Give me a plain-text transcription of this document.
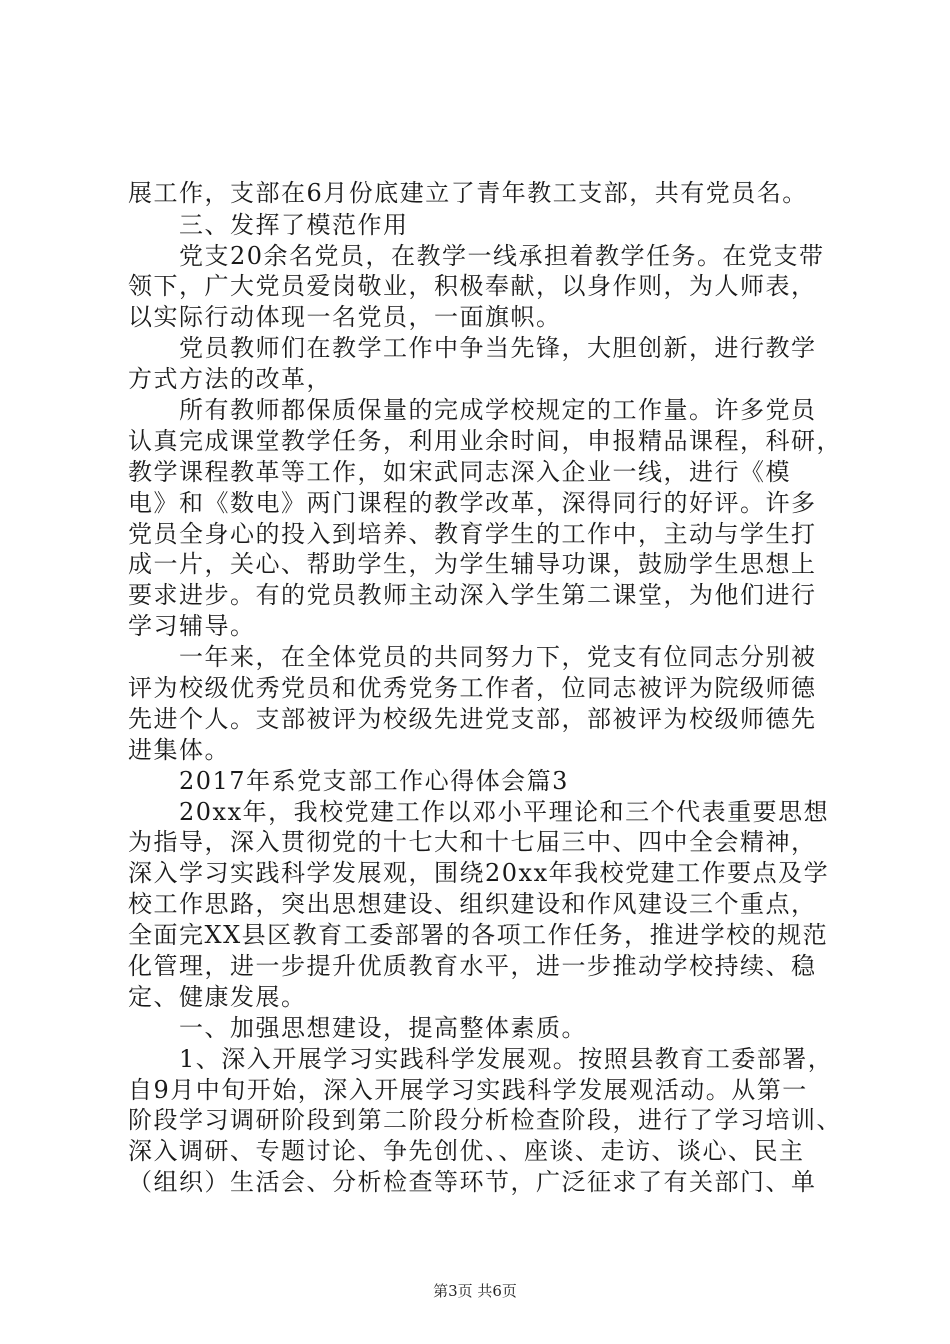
展工作，支部在6月份底建立了青年教工支部，共有党员名。
　　三、发挥了模范作用
　　党支20余名党员，在教学一线承担着教学任务。在党支带
领下，广大党员爱岗敬业，积极奉献，以身作则，为人师表，
以实际行动体现一名党员，一面旗帜。
　　党员教师们在教学工作中争当先锋，大胆创新，进行教学
方式方法的改革，
　　所有教师都保质保量的完成学校规定的工作量。许多党员
认真完成课堂教学任务，利用业余时间，申报精品课程，科研，
教学课程教革等工作，如宋武同志深入企业一线，进行《模
电》和《数电》两门课程的教学改革，深得同行的好评。许多
党员全身心的投入到培养、教育学生的工作中，主动与学生打
成一片，关心、帮助学生，为学生辅导功课，鼓励学生思想上
要求进步。有的党员教师主动深入学生第二课堂，为他们进行
学习辅导。
　　一年来，在全体党员的共同努力下，党支有位同志分别被
评为校级优秀党员和优秀党务工作者，位同志被评为院级师德
先进个人。支部被评为校级先进党支部，部被评为校级师德先
进集体。
　　2017年系党支部工作心得体会篇3
　　20xx年，我校党建工作以邓小平理论和三个代表重要思想
为指导，深入贯彻党的十七大和十七届三中、四中全会精神，
深入学习实践科学发展观，围绕20xx年我校党建工作要点及学
校工作思路，突出思想建设、组织建设和作风建设三个重点，
全面完XX县区教育工委部署的各项工作任务，推进学校的规范
化管理，进一步提升优质教育水平，进一步推动学校持续、稳
定、健康发展。
　　一、加强思想建设，提高整体素质。
　　1、深入开展学习实践科学发展观。按照县教育工委部署，
自9月中旬开始，深入开展学习实践科学发展观活动。从第一
阶段学习调研阶段到第二阶段分析检查阶段，进行了学习培训、
深入调研、专题讨论、争先创优、、座谈、走访、谈心、民主
（组织）生活会、分析检查等环节，广泛征求了有关部门、单
第3页 共6页
